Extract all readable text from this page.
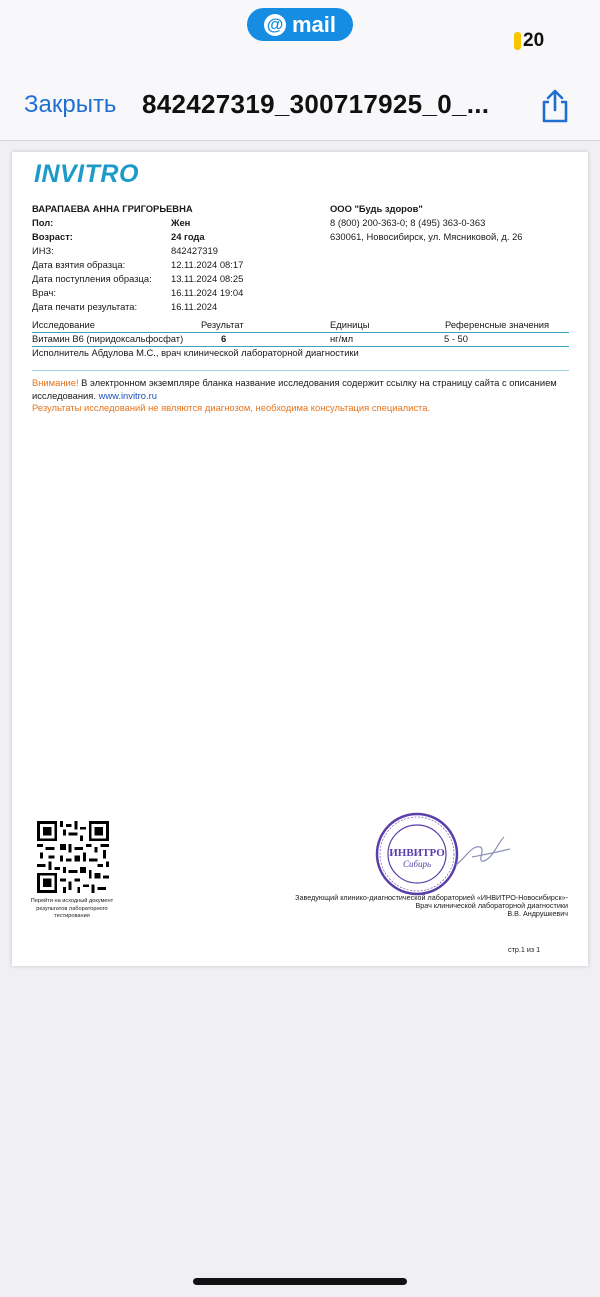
@ mail
20
Закрыть 842427319_300717925_0_...
INVITRO
ВАРАПАЕВА АННА ГРИГОРЬЕВНА
Пол:	Жен
Возраст:	24 года
ИНЗ:	842427319
Дата взятия образца:	12.11.2024 08:17
Дата поступления образца:	13.11.2024 08:25
Врач:	16.11.2024 19:04
Дата печати результата:	16.11.2024
ООО "Будь здоров"
8 (800) 200-363-0; 8 (495) 363-0-363
630061, Новосибирск, ул. Мясниковой, д. 26
Исследование	Результат	Единицы	Референсные значения
Витамин В6 (пиридоксальфосфат)	6	нг/мл	5 - 50
Исполнитель Абдулова М.С., врач клинической лабораторной диагностики
Внимание! В электронном экземпляре бланка название исследования содержит ссылку на страницу сайта с описанием исследования. www.invitro.ru
Результаты исследований не являются диагнозом, необходима консультация специалиста.
Перейти на исходный документ результатов лабораторного тестирования
ИНВИТРО
Сибирь
Заведующий клинико-диагностической лабораторией «ИНВИТРО-Новосибирск»-
Врач клинической лабораторной диагностики
В.В. Андрушкевич
стр.1 из 1
